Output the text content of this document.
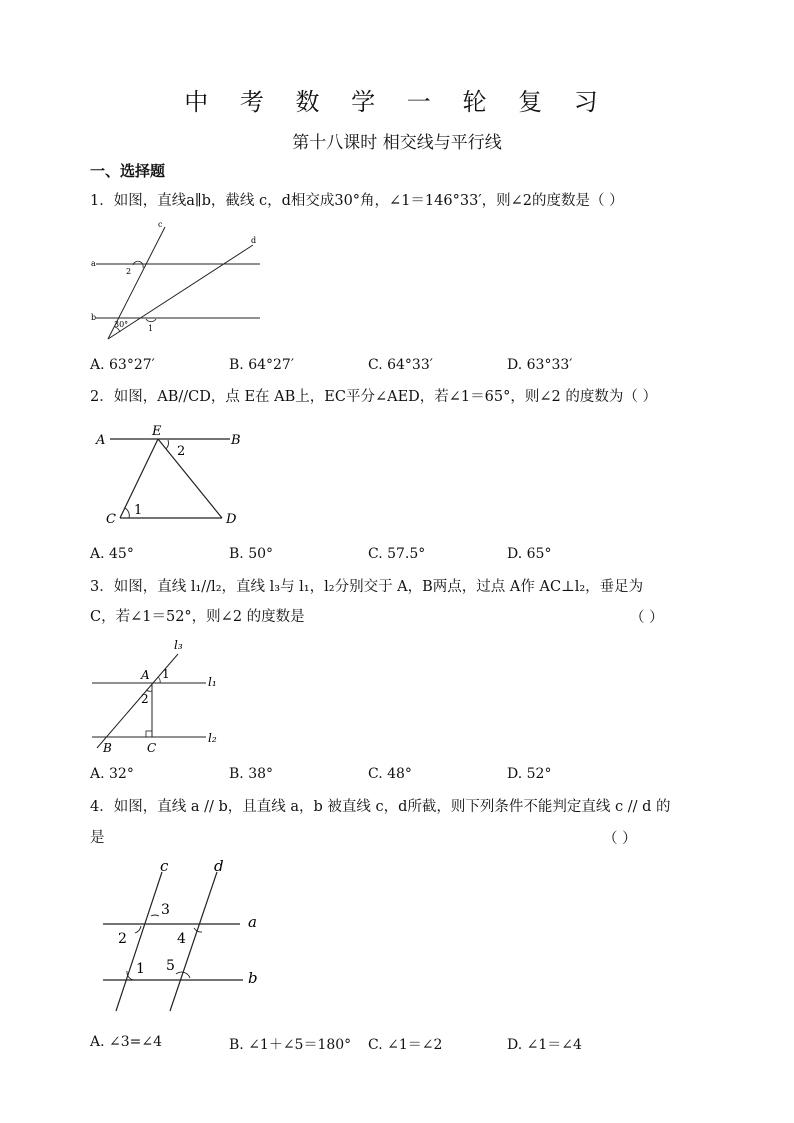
中 考 数 学 一 轮 复 习
第十八课时 相交线与平行线
一、选择题
1．如图，直线a∥b，截线 c，d相交成30°角，∠1＝146°33′，则∠2的度数是（ ）
c
d
a
b
2
1
30°
A. 63°27′	B. 64°27′	C. 64°33′	D. 63°33′
2．如图，AB//CD，点 E在 AB上，EC平分∠AED，若∠1＝65°，则∠2 的度数为（ ）
A
E
B
2
1
C	D
A. 45°	B. 50°	C. 57.5°	D. 65°
3．如图，直线 l₁//l₂，直线 l₃与 l₁，l₂分别交于 A，B两点，过点 A作 AC⊥l₂，垂足为
C，若∠1＝52°，则∠2 的度数是	（ ）
l₃
A 1
l₁
2
l₂
B	C
A. 32°	B. 38°	C. 48°	D. 52°
4．如图，直线 a // b，且直线 a，b 被直线 c，d所截，则下列条件不能判定直线 c // d 的
是	（ ）
c	d
3
a
2	4
1 5
b
A. ∠3=∠4	B. ∠1＋∠5＝180° C. ∠1＝∠2	D. ∠1＝∠4
